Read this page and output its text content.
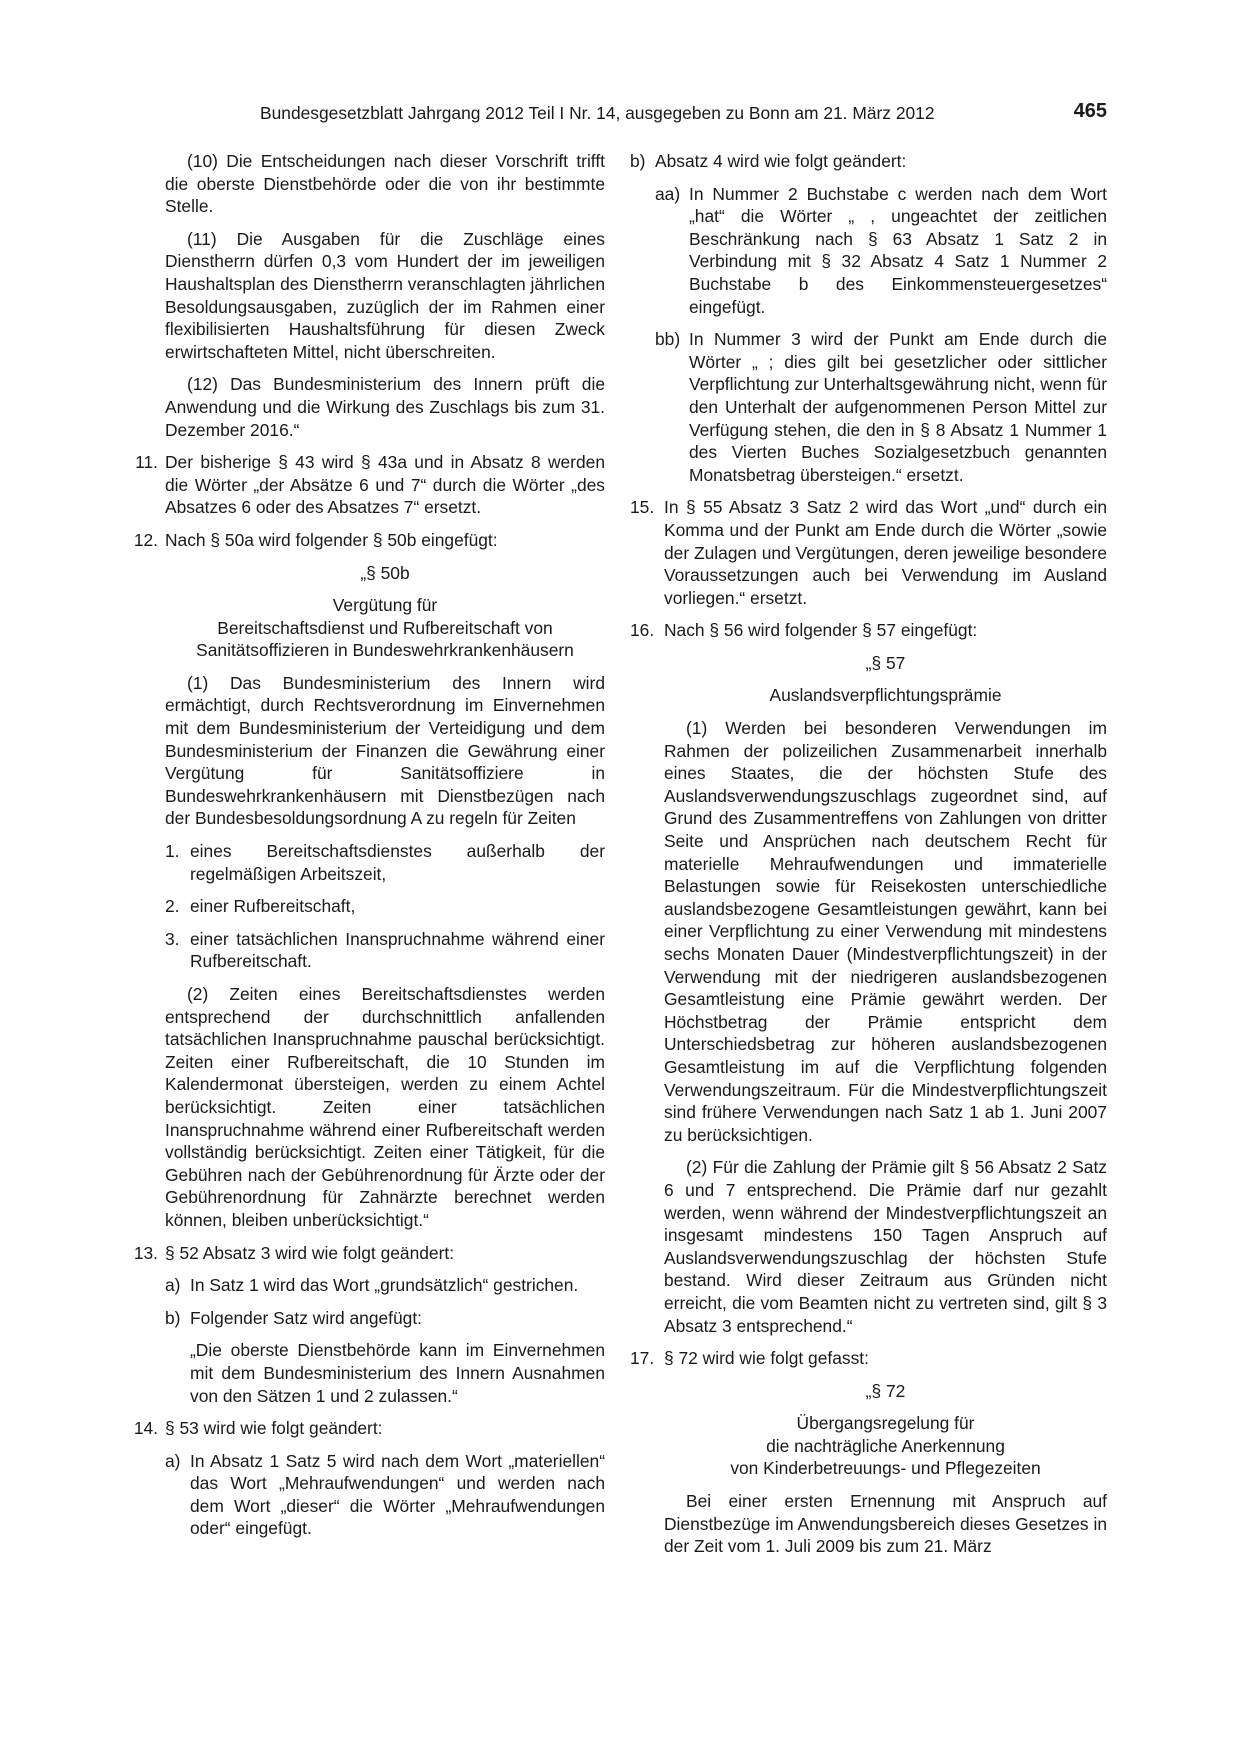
Bundesgesetzblatt Jahrgang 2012 Teil I Nr. 14, ausgegeben zu Bonn am 21. März 2012	465

(10) Die Entscheidungen nach dieser Vorschrift trifft die oberste Dienstbehörde oder die von ihr bestimmte Stelle.

(11) Die Ausgaben für die Zuschläge eines Dienstherrn dürfen 0,3 vom Hundert der im jeweiligen Haushaltsplan des Dienstherrn veranschlagten jährlichen Besoldungsausgaben, zuzüglich der im Rahmen einer flexibilisierten Haushaltsführung für diesen Zweck erwirtschafteten Mittel, nicht überschreiten.

(12) Das Bundesministerium des Innern prüft die Anwendung und die Wirkung des Zuschlags bis zum 31. Dezember 2016.“

11. Der bisherige § 43 wird § 43a und in Absatz 8 werden die Wörter „der Absätze 6 und 7“ durch die Wörter „des Absatzes 6 oder des Absatzes 7“ ersetzt.

12. Nach § 50a wird folgender § 50b eingefügt:

„§ 50b

Vergütung für

Bereitschaftsdienst und Rufbereitschaft von

Sanitätsoffizieren in Bundeswehrkrankenhäusern

(1) Das Bundesministerium des Innern wird ermächtigt, durch Rechtsverordnung im Einvernehmen mit dem Bundesministerium der Verteidigung und dem Bundesministerium der Finanzen die Gewährung einer Vergütung für Sanitätsoffiziere in Bundeswehrkrankenhäusern mit Dienstbezügen nach der Bundesbesoldungsordnung A zu regeln für Zeiten

1. eines Bereitschaftsdienstes außerhalb der regelmäßigen Arbeitszeit,

2. einer Rufbereitschaft,

3. einer tatsächlichen Inanspruchnahme während einer Rufbereitschaft.

(2) Zeiten eines Bereitschaftsdienstes werden entsprechend der durchschnittlich anfallenden tatsächlichen Inanspruchnahme pauschal berücksichtigt. Zeiten einer Rufbereitschaft, die 10 Stunden im Kalendermonat übersteigen, werden zu einem Achtel berücksichtigt. Zeiten einer tatsächlichen Inanspruchnahme während einer Rufbereitschaft werden vollständig berücksichtigt. Zeiten einer Tätigkeit, für die Gebühren nach der Gebührenordnung für Ärzte oder der Gebührenordnung für Zahnärzte berechnet werden können, bleiben unberücksichtigt.“

13. § 52 Absatz 3 wird wie folgt geändert:

a) In Satz 1 wird das Wort „grundsätzlich“ gestrichen.

b) Folgender Satz wird angefügt:

„Die oberste Dienstbehörde kann im Einvernehmen mit dem Bundesministerium des Innern Ausnahmen von den Sätzen 1 und 2 zulassen.“

14. § 53 wird wie folgt geändert:

a) In Absatz 1 Satz 5 wird nach dem Wort „materiellen“ das Wort „Mehraufwendungen“ und werden nach dem Wort „dieser“ die Wörter „Mehraufwendungen oder“ eingefügt.

b) Absatz 4 wird wie folgt geändert:

aa) In Nummer 2 Buchstabe c werden nach dem Wort „hat“ die Wörter „ , ungeachtet der zeitlichen Beschränkung nach § 63 Absatz 1 Satz 2 in Verbindung mit § 32 Absatz 4 Satz 1 Nummer 2 Buchstabe b des Einkommensteuergesetzes“ eingefügt.

bb) In Nummer 3 wird der Punkt am Ende durch die Wörter „ ; dies gilt bei gesetzlicher oder sittlicher Verpflichtung zur Unterhaltsgewährung nicht, wenn für den Unterhalt der aufgenommenen Person Mittel zur Verfügung stehen, die den in § 8 Absatz 1 Nummer 1 des Vierten Buches Sozialgesetzbuch genannten Monatsbetrag übersteigen.“ ersetzt.

15. In § 55 Absatz 3 Satz 2 wird das Wort „und“ durch ein Komma und der Punkt am Ende durch die Wörter „sowie der Zulagen und Vergütungen, deren jeweilige besondere Voraussetzungen auch bei Verwendung im Ausland vorliegen.“ ersetzt.

16. Nach § 56 wird folgender § 57 eingefügt:

„§ 57

Auslandsverpflichtungsprämie

(1) Werden bei besonderen Verwendungen im Rahmen der polizeilichen Zusammenarbeit innerhalb eines Staates, die der höchsten Stufe des Auslandsverwendungszuschlags zugeordnet sind, auf Grund des Zusammentreffens von Zahlungen von dritter Seite und Ansprüchen nach deutschem Recht für materielle Mehraufwendungen und immaterielle Belastungen sowie für Reisekosten unterschiedliche auslandsbezogene Gesamtleistungen gewährt, kann bei einer Verpflichtung zu einer Verwendung mit mindestens sechs Monaten Dauer (Mindestverpflichtungszeit) in der Verwendung mit der niedrigeren auslandsbezogenen Gesamtleistung eine Prämie gewährt werden. Der Höchstbetrag der Prämie entspricht dem Unterschiedsbetrag zur höheren auslandsbezogenen Gesamtleistung im auf die Verpflichtung folgenden Verwendungszeitraum. Für die Mindestverpflichtungszeit sind frühere Verwendungen nach Satz 1 ab 1. Juni 2007 zu berücksichtigen.

(2) Für die Zahlung der Prämie gilt § 56 Absatz 2 Satz 6 und 7 entsprechend. Die Prämie darf nur gezahlt werden, wenn während der Mindestverpflichtungszeit an insgesamt mindestens 150 Tagen Anspruch auf Auslandsverwendungszuschlag der höchsten Stufe bestand. Wird dieser Zeitraum aus Gründen nicht erreicht, die vom Beamten nicht zu vertreten sind, gilt § 3 Absatz 3 entsprechend.“

17. § 72 wird wie folgt gefasst:

„§ 72

Übergangsregelung für

die nachträgliche Anerkennung

von Kinderbetreuungs- und Pflegezeiten

Bei einer ersten Ernennung mit Anspruch auf Dienstbezüge im Anwendungsbereich dieses Gesetzes in der Zeit vom 1. Juli 2009 bis zum 21. März
